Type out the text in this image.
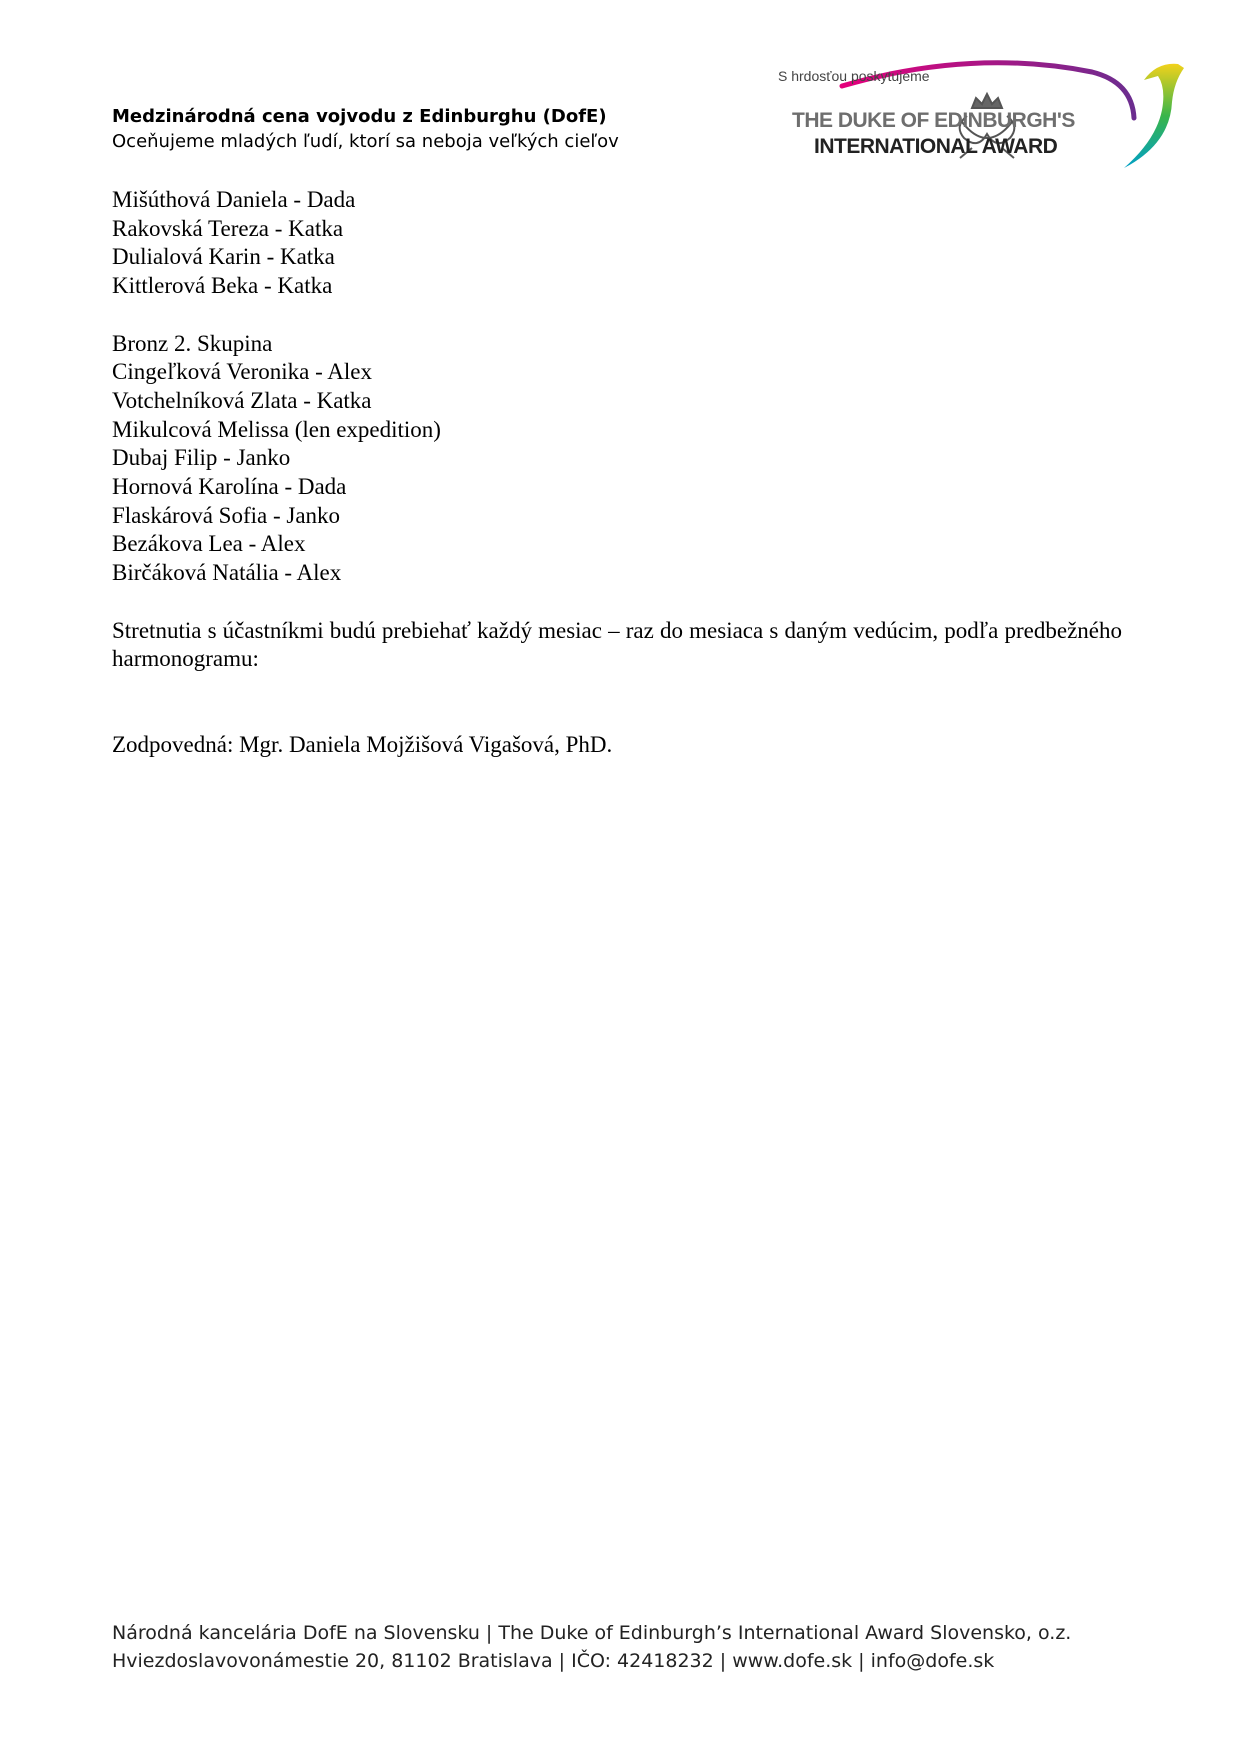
Medzinárodná cena vojvodu z Edinburghu (DofE)
Oceňujeme mladých ľudí, ktorí sa neboja veľkých cieľov
S hrdosťou poskytujeme
THE DUKE OF EDINBURGH'S
INTERNATIONAL AWARD
Mišúthová Daniela - Dada
Rakovská Tereza - Katka
Dulialová Karin - Katka
Kittlerová Beka - Katka
Bronz 2. Skupina
Cingeľková Veronika - Alex
Votchelníková Zlata - Katka
Mikulcová Melissa (len expedition)
Dubaj Filip - Janko
Hornová Karolína - Dada
Flaskárová Sofia - Janko
Bezákova Lea - Alex
Birčáková Natália - Alex
Stretnutia s účastníkmi budú prebiehať každý mesiac – raz do mesiaca s daným vedúcim, podľa predbežného harmonogramu:
Zodpovedná: Mgr. Daniela Mojžišová Vigašová, PhD.
Národná kancelária DofE na Slovensku | The Duke of Edinburgh’s International Award Slovensko, o.z.
Hviezdoslavovonámestie 20, 81102 Bratislava | IČO: 42418232 | www.dofe.sk | info@dofe.sk
